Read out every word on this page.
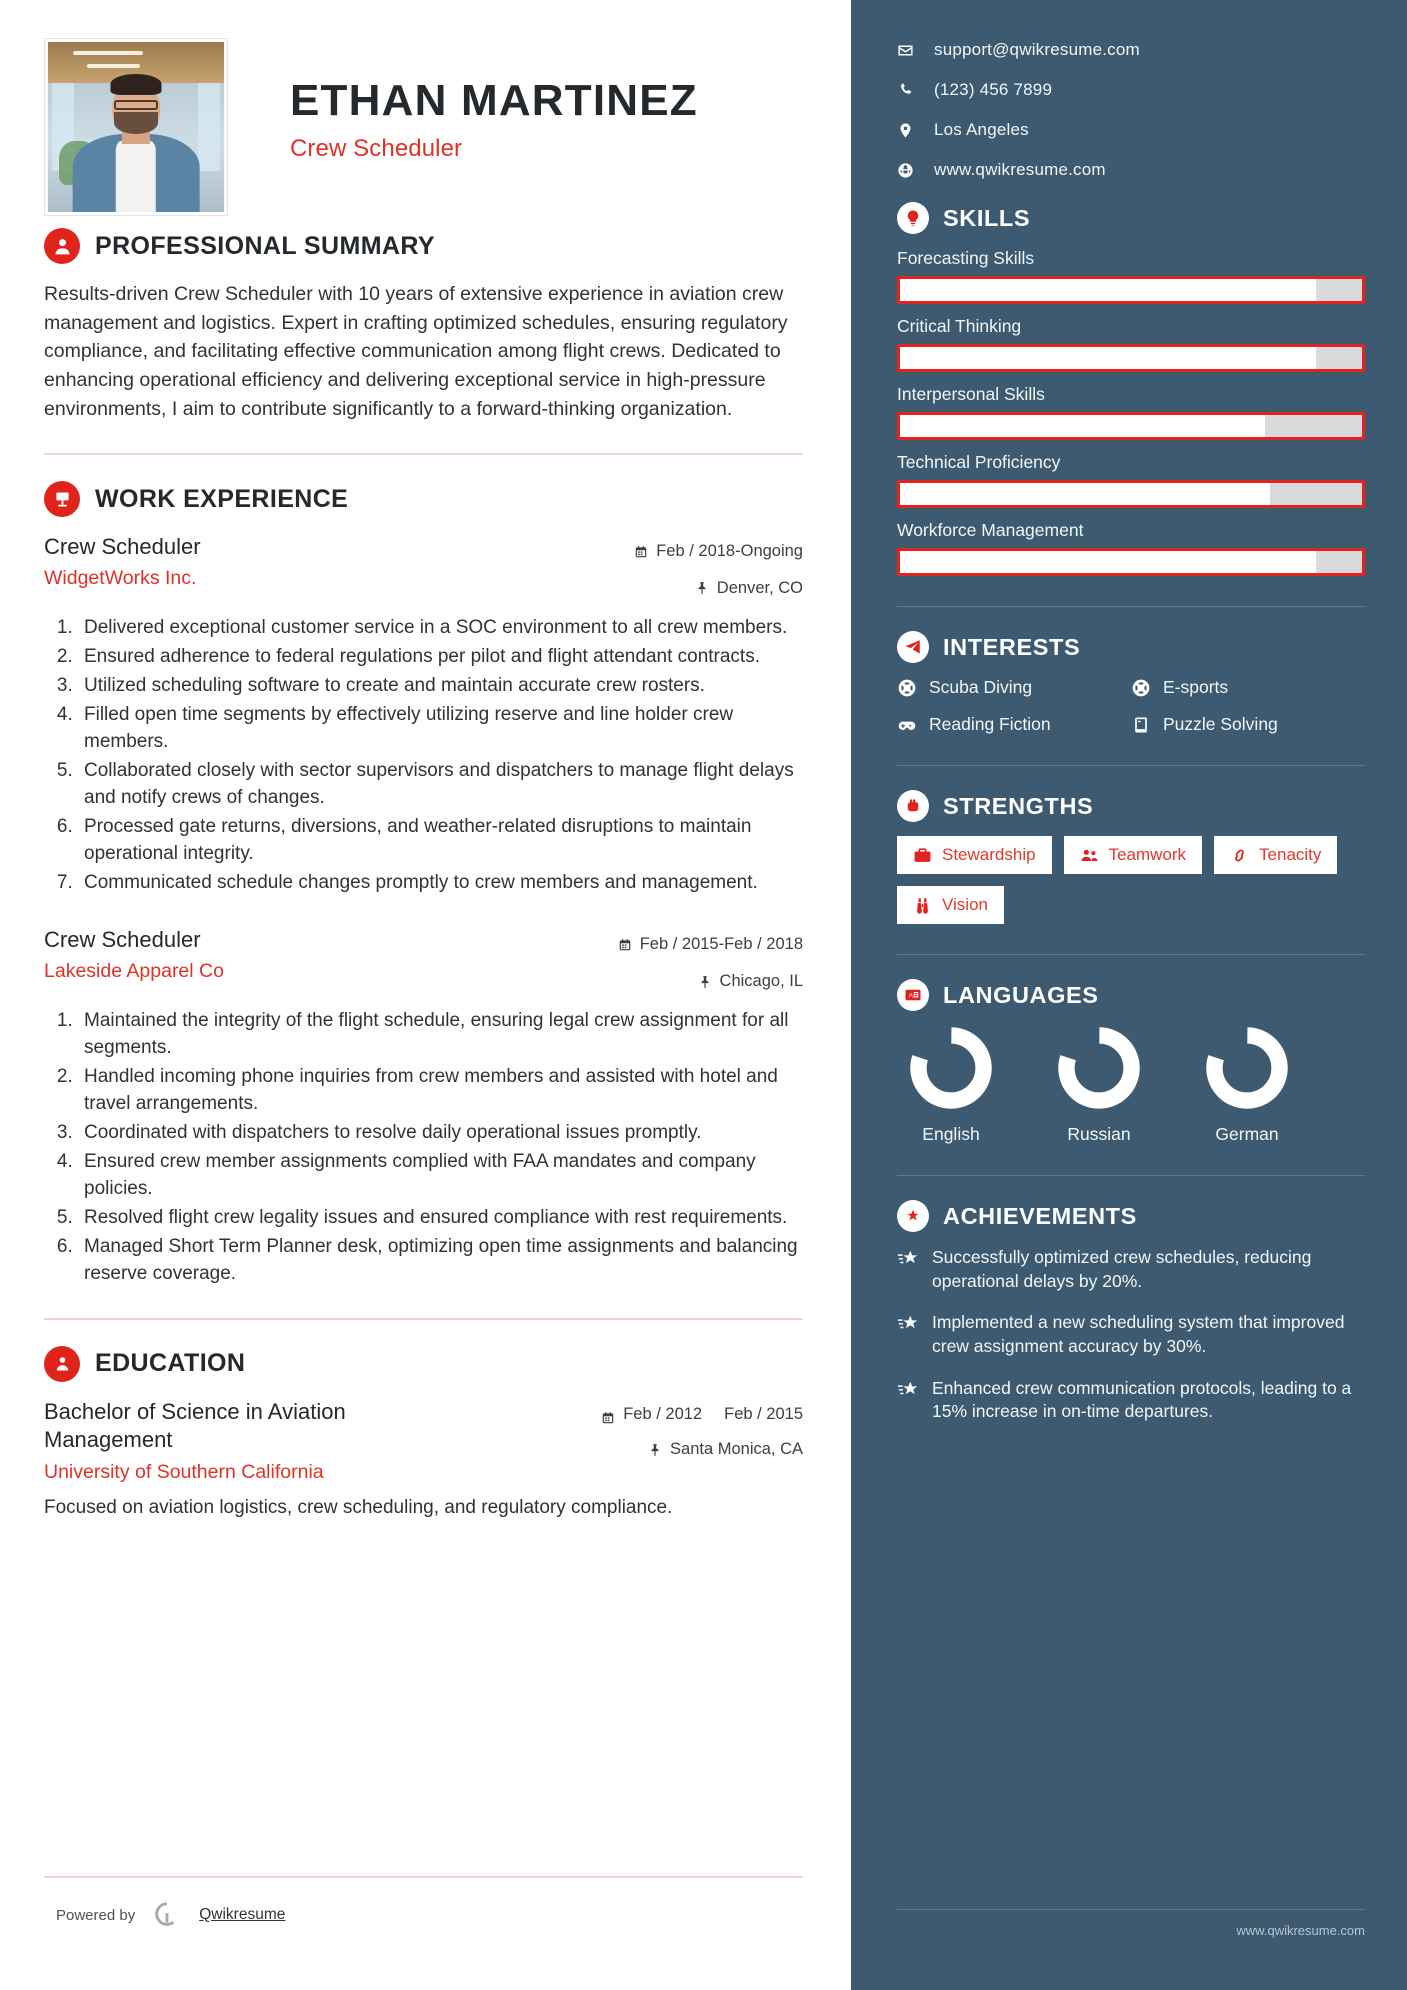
ETHAN MARTINEZ
Crew Scheduler
PROFESSIONAL SUMMARY

Results-driven Crew Scheduler with 10 years of extensive experience in aviation crew management and logistics. Expert in crafting optimized schedules, ensuring regulatory compliance, and facilitating effective communication among flight crews. Dedicated to enhancing operational efficiency and delivering exceptional service in high-pressure environments, I aim to contribute significantly to a forward-thinking organization.

WORK EXPERIENCE
Crew Scheduler
WidgetWorks Inc.
Feb / 2018-Ongoing
Denver, CO
1. Delivered exceptional customer service in a SOC environment to all crew members.
2. Ensured adherence to federal regulations per pilot and flight attendant contracts.
3. Utilized scheduling software to create and maintain accurate crew rosters.
4. Filled open time segments by effectively utilizing reserve and line holder crew members.
5. Collaborated closely with sector supervisors and dispatchers to manage flight delays and notify crews of changes.
6. Processed gate returns, diversions, and weather-related disruptions to maintain operational integrity.
7. Communicated schedule changes promptly to crew members and management.
Crew Scheduler
Lakeside Apparel Co
Feb / 2015-Feb / 2018
Chicago, IL
1. Maintained the integrity of the flight schedule, ensuring legal crew assignment for all segments.
2. Handled incoming phone inquiries from crew members and assisted with hotel and travel arrangements.
3. Coordinated with dispatchers to resolve daily operational issues promptly.
4. Ensured crew member assignments complied with FAA mandates and company policies.
5. Resolved flight crew legality issues and ensured compliance with rest requirements.
6. Managed Short Term Planner desk, optimizing open time assignments and balancing reserve coverage.
EDUCATION
Bachelor of Science in Aviation Management
University of Southern California
Feb / 2012 Feb / 2015
Santa Monica, CA

Focused on aviation logistics, crew scheduling, and regulatory compliance.

Powered by	Qwikresume
support@qwikresume.com
(123) 456 7899
Los Angeles
www.qwikresume.com
SKILLS
Forecasting Skills
Critical Thinking
Interpersonal Skills
Technical Proficiency
Workforce Management
INTERESTS
Scuba Diving	E-sports
Reading Fiction	Puzzle Solving
STRENGTHS
Stewardship	Teamwork	Tenacity
Vision
A LANGUAGES
English	Russian	German
ACHIEVEMENTS

Successfully optimized crew schedules, reducing operational delays by 20%.

Implemented a new scheduling system that improved crew assignment accuracy by 30%.

Enhanced crew communication protocols, leading to a 15% increase in on-time departures.

www.qwikresume.com
